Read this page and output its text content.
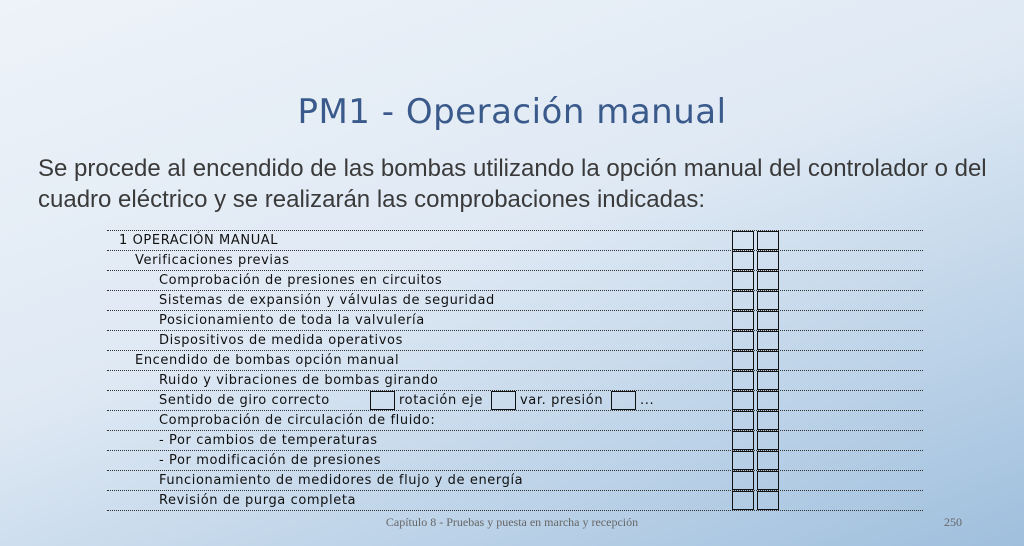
PM1 - Operación manual
Se procede al encendido de las bombas utilizando la opción manual del controlador o del cuadro eléctrico y se realizarán las comprobaciones indicadas:
1 OPERACIÓN MANUAL
Verificaciones previas
Comprobación de presiones en circuitos
Sistemas de expansión y válvulas de seguridad
Posicionamiento de toda la valvulería
Dispositivos de medida operativos
Encendido de bombas opción manual
Ruido y vibraciones de bombas girando
Sentido de giro correcto	rotación eje	var. presión	...
Comprobación de circulación de fluido:
- Por cambios de temperaturas
- Por modificación de presiones
Funcionamiento de medidores de flujo y de energía
Revisión de purga completa
Capítulo 8 - Pruebas y puesta en marcha y recepción	250
